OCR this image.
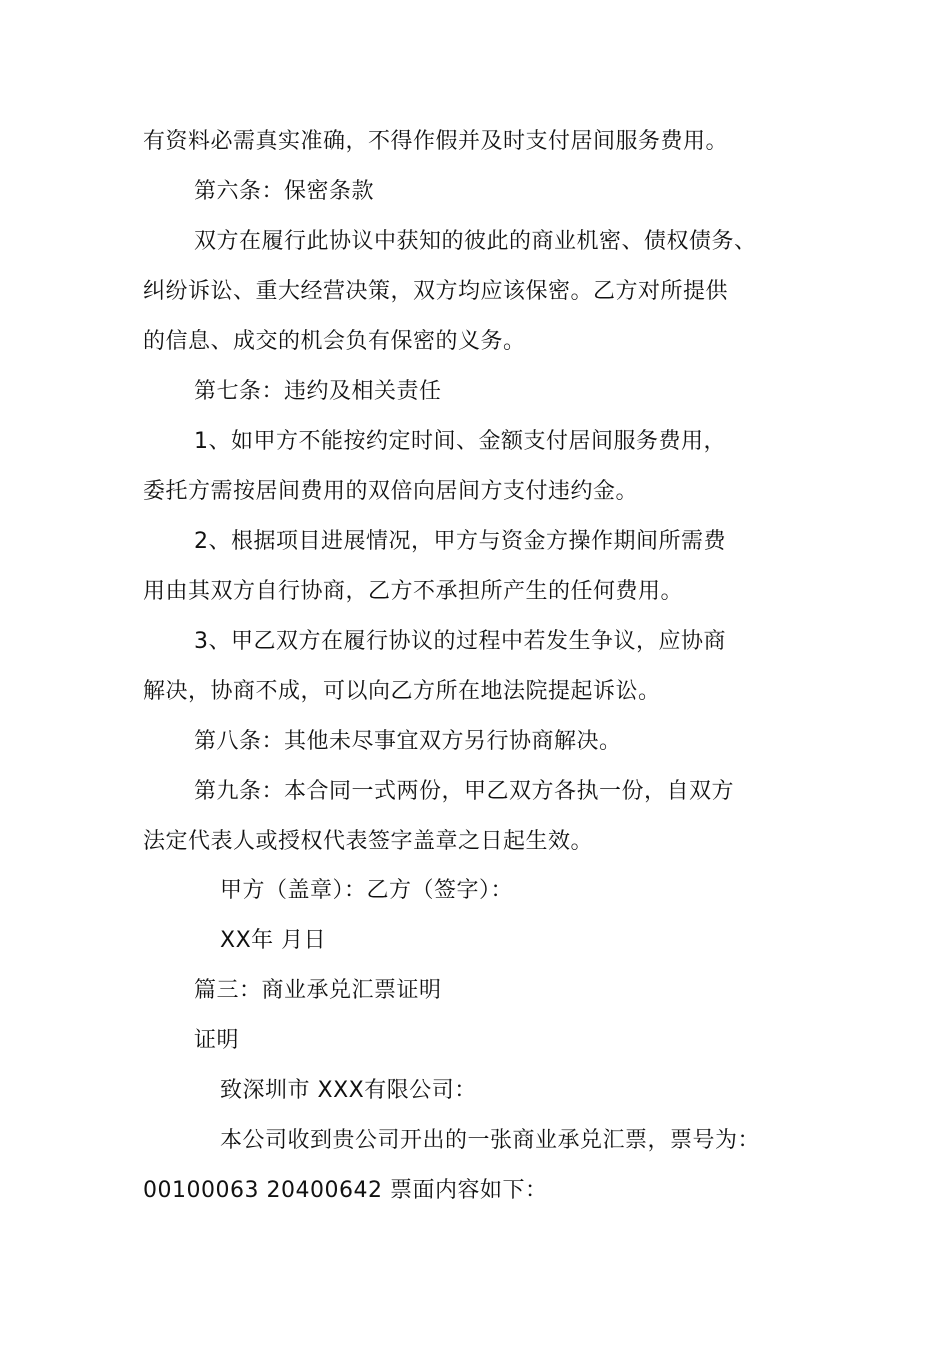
有资料必需真实准确，不得作假并及时支付居间服务费用。
第六条：保密条款
双方在履行此协议中获知的彼此的商业机密、债权债务、
纠纷诉讼、重大经营决策，双方均应该保密。乙方对所提供
的信息、成交的机会负有保密的义务。
第七条：违约及相关责任
1、如甲方不能按约定时间、金额支付居间服务费用，
委托方需按居间费用的双倍向居间方支付违约金。
2、根据项目进展情况，甲方与资金方操作期间所需费
用由其双方自行协商，乙方不承担所产生的任何费用。
3、甲乙双方在履行协议的过程中若发生争议，应协商
解决，协商不成，可以向乙方所在地法院提起诉讼。
第八条：其他未尽事宜双方另行协商解决。
第九条：本合同一式两份，甲乙双方各执一份，自双方
法定代表人或授权代表签字盖章之日起生效。
甲方（盖章）：乙方（签字）：
XX年 月日
篇三：商业承兑汇票证明
证明
致深圳市 XXX有限公司：
本公司收到贵公司开出的一张商业承兑汇票，票号为：
00100063 20400642 票面内容如下：
